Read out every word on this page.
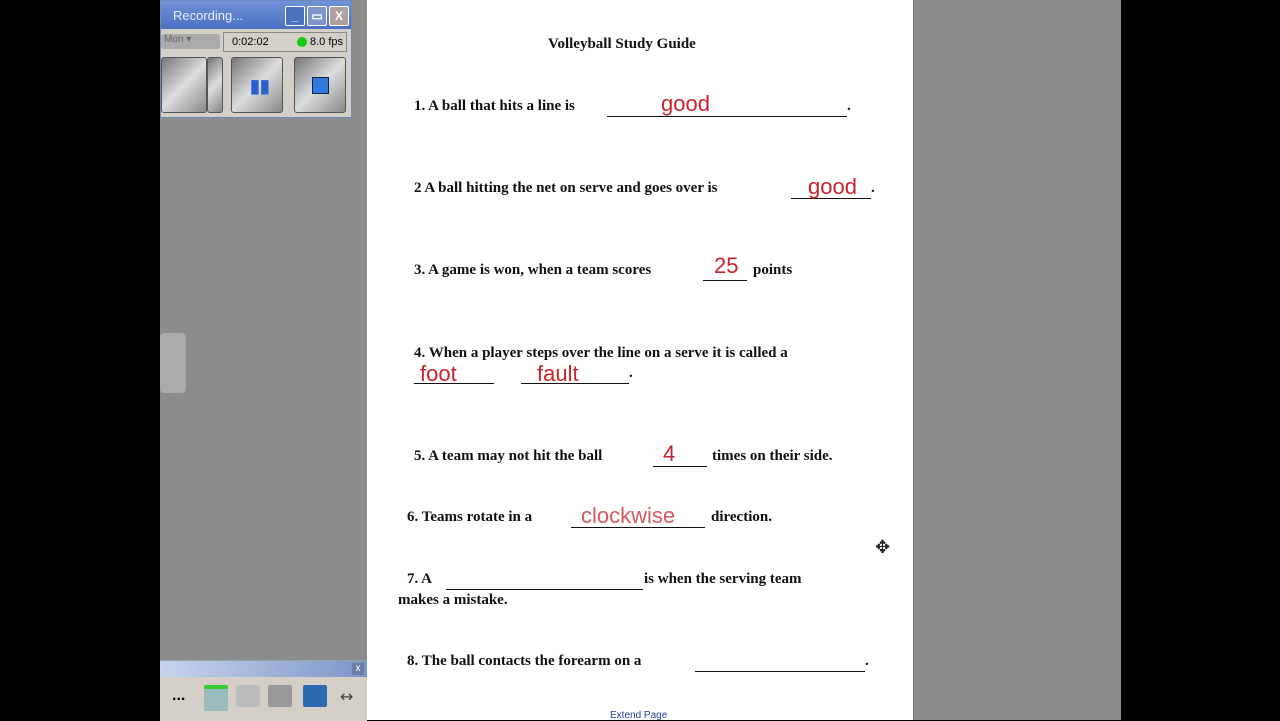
Recording...	_	▭	X
Mon ▾	0:02:02	8.0 fps
▮▮
x
...	↔
Volleyball Study Guide
1. A ball that hits a line is	.
good
2 A ball hitting the net on serve and goes over is	.
good
3. A game is won, when a team scores	points
25
4. When a player steps over the line on a serve it is called a
.
foot	fault
5. A team may not hit the ball	times on their side.
4
6. Teams rotate in a	direction.
clockwise
7. A	is when the serving team
makes a mistake.
8. The ball contacts the forearm on a	.
Extend Page
✥
